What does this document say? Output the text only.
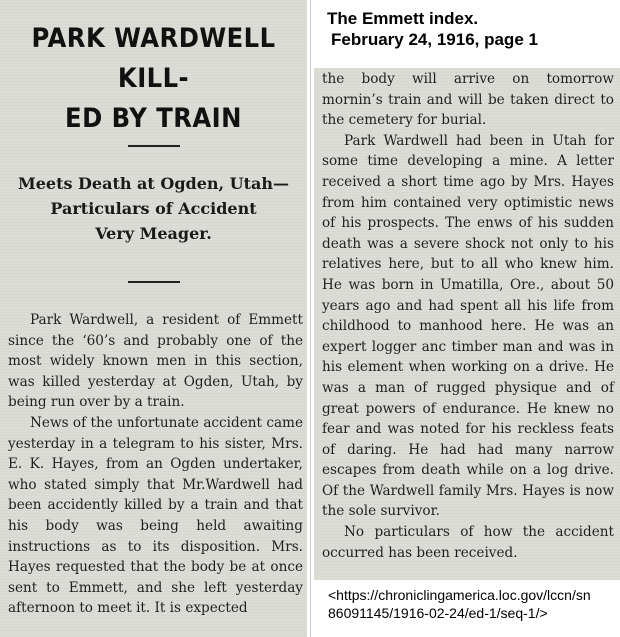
PARK WARDWELL KILL-
ED BY TRAIN
Meets Death at Ogden, Utah—
Particulars of Accident
Very Meager.

Park Wardwell, a resident of Emmett since the ‘60’s and probably one of the most widely known men in this section, was killed yesterday at Ogden, Utah, by being run over by a train.

News of the unfortunate accident came yesterday in a telegram to his sister, Mrs. E. K. Hayes, from an Ogden undertaker, who stated simply that Mr.Wardwell had been accidently killed by a train and that his body was being held awaiting instructions as to its disposition. Mrs. Hayes requested that the body be at once sent to Emmett, and she left yesterday afternoon to meet it. It is expected

the body will arrive on tomorrow mornin’s train and will be taken direct to the cemetery for burial.

Park Wardwell had been in Utah for some time developing a mine. A letter received a short time ago by Mrs. Hayes from him contained very optimistic news of his prospects. The enws of his sudden death was a severe shock not only to his relatives here, but to all who knew him. He was born in Umatilla, Ore., about 50 years ago and had spent all his life from childhood to manhood here. He was an expert logger anc timber man and was in his element when working on a drive. He was a man of rugged physique and of great powers of endurance. He knew no fear and was noted for his reckless feats of daring. He had had many narrow escapes from death while on a log drive. Of the Wardwell family Mrs. Hayes is now the sole survivor.

No particulars of how the accident occurred has been received.

The Emmett index.
February 24, 1916, page 1
<https://chroniclingamerica.loc.gov/lccn/sn
86091145/1916-02-24/ed-1/seq-1/>
